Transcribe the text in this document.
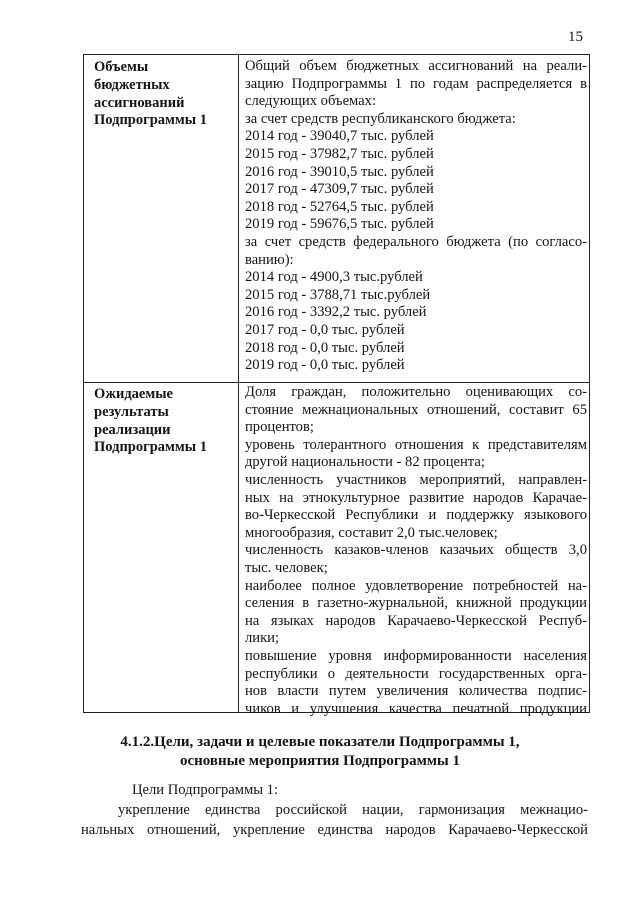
15
Объемы
бюджетных
ассигнований
Подпрограммы 1
Общий объем бюджетных ассигнований на реали-
зацию Подпрограммы 1 по годам распределяется в
следующих объемах:
за счет средств республиканского бюджета:
2014 год - 39040,7 тыс. рублей
2015 год - 37982,7 тыс. рублей
2016 год - 39010,5 тыс. рублей
2017 год - 47309,7 тыс. рублей
2018 год - 52764,5 тыс. рублей
2019 год - 59676,5 тыс. рублей
за счет средств федерального бюджета (по согласо-
ванию):
2014 год - 4900,3 тыс.рублей
2015 год - 3788,71 тыс.рублей
2016 год - 3392,2 тыс. рублей
2017 год - 0,0 тыс. рублей
2018 год - 0,0 тыс. рублей
2019 год - 0,0 тыс. рублей
Ожидаемые
результаты
реализации
Подпрограммы 1
Доля граждан, положительно оценивающих со-
стояние межнациональных отношений, составит 65
процентов;
уровень толерантного отношения к представителям
другой национальности - 82 процента;
численность участников мероприятий, направлен-
ных на этнокультурное развитие народов Карачае-
во-Черкесской Республики и поддержку языкового
многообразия, составит 2,0 тыс.человек;
численность казаков-членов казачьих обществ 3,0
тыс. человек;
наиболее полное удовлетворение потребностей на-
селения в газетно-журнальной, книжной продукции
на языках народов Карачаево-Черкесской Респуб-
лики;
повышение уровня информированности населения
республики о деятельности государственных орга-
нов власти путем увеличения количества подпис-
чиков и улучшения качества печатной продукции
4.1.2.Цели, задачи и целевые показатели Подпрограммы 1,
основные мероприятия Подпрограммы 1
Цели Подпрограммы 1:
укрепление единства российской нации, гармонизация межнацио-
нальных отношений, укрепление единства народов Карачаево-Черкесской
